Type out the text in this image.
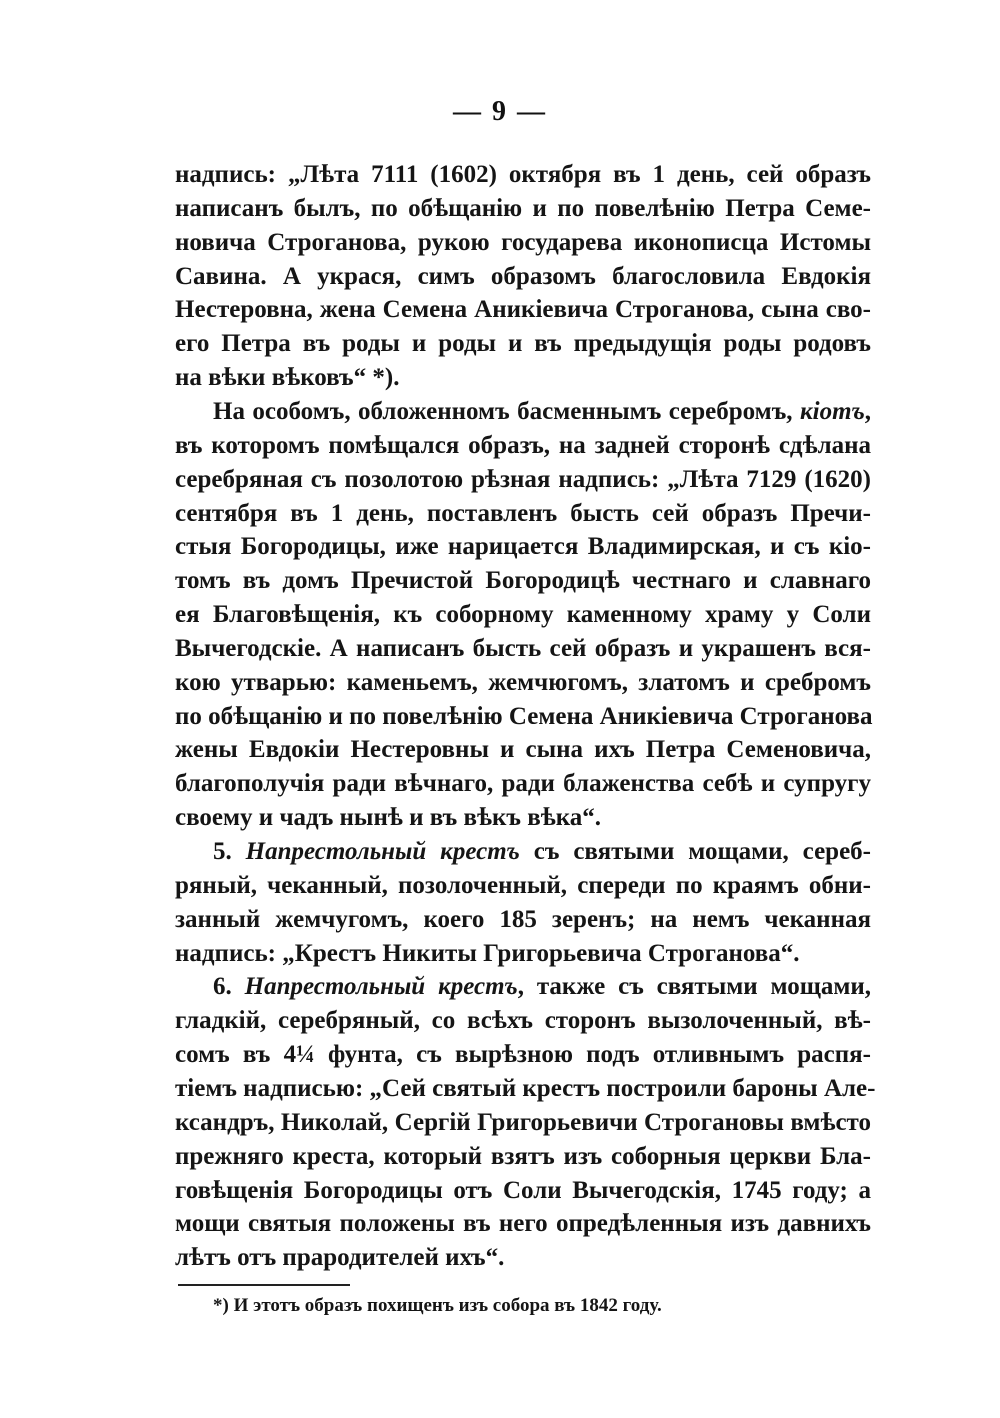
— 9 —
надпись: „Лѣта 7111 (1602) октября въ 1 день, сей образъ
написанъ былъ, по обѣщанію и по повелѣнію Петра Семе-
новича Строганова, рукою государева иконописца Истомы
Савина. А украся, симъ образомъ благословила Евдокія
Нестеровна, жена Семена Аникіевича Строганова, сына сво-
его Петра въ роды и роды и въ предыдущія роды родовъ
на вѣки вѣковъ“ *).
На особомъ, обложенномъ басменнымъ серебромъ, кіотъ,
въ которомъ помѣщался образъ, на задней сторонѣ сдѣлана
серебряная съ позолотою рѣзная надпись: „Лѣта 7129 (1620)
сентября въ 1 день, поставленъ бысть сей образъ Пречи-
стыя Богородицы, иже нарицается Владимирская, и съ кіо-
томъ въ домъ Пречистой Богородицѣ честнаго и славнаго
ея Благовѣщенія, къ соборному каменному храму у Соли
Вычегодскіе. А написанъ бысть сей образъ и украшенъ вся-
кою утварью: каменьемъ, жемчюгомъ, златомъ и сребромъ
по обѣщанію и по повелѣнію Семена Аникіевича Строганова
жены Евдокіи Нестеровны и сына ихъ Петра Семеновича,
благополучія ради вѣчнаго, ради блаженства себѣ и супругу
своему и чадъ нынѣ и въ вѣкъ вѣка“.
5. Напрестольный крестъ съ святыми мощами, сереб-
ряный, чеканный, позолоченный, спереди по краямъ обни-
занный жемчугомъ, коего 185 зеренъ; на немъ чеканная
надпись: „Крестъ Никиты Григорьевича Строганова“.
6. Напрестольный крестъ, также съ святыми мощами,
гладкій, серебряный, со всѣхъ сторонъ вызолоченный, вѣ-
сомъ въ 4¼ фунта, съ вырѣзною подъ отливнымъ распя-
тіемъ надписью: „Сей святый крестъ построили бароны Але-
ксандръ, Николай, Сергій Григорьевичи Строгановы вмѣсто
прежняго креста, который взятъ изъ соборныя церкви Бла-
говѣщенія Богородицы отъ Соли Вычегодскія, 1745 году; а
мощи святыя положены въ него опредѣленныя изъ давнихъ
лѣтъ отъ прародителей ихъ“.
*) И этотъ образъ похищенъ изъ собора въ 1842 году.
